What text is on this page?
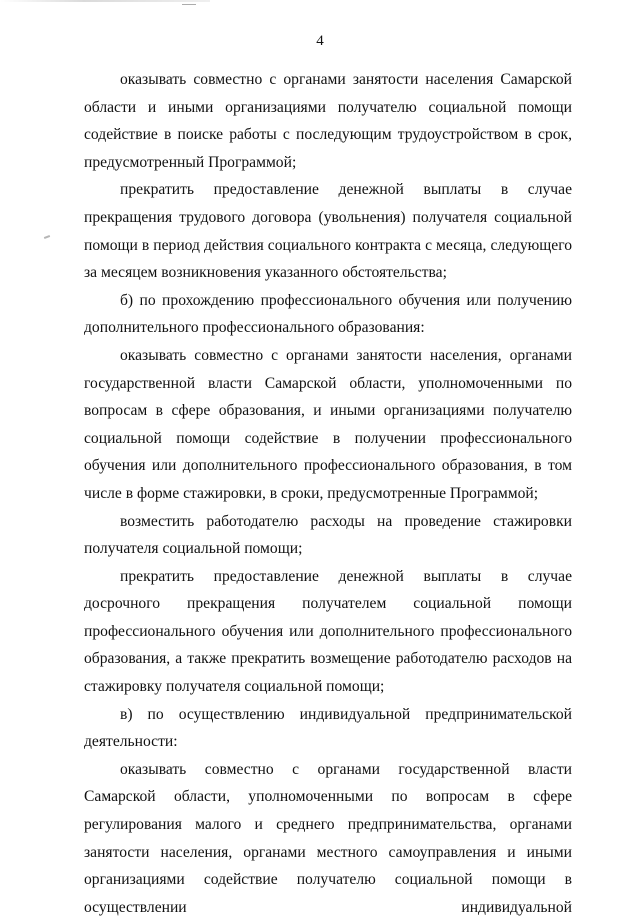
4

оказывать совместно с органами занятости населения Самарской области и иными организациями получателю социальной помощи содействие в поиске работы с последующим трудоустройством в срок, предусмотренный Программой;

прекратить предоставление денежной выплаты в случае прекращения трудового договора (увольнения) получателя социальной помощи в период действия социального контракта с месяца, следующего за месяцем возникновения указанного обстоятельства;

б) по прохождению профессионального обучения или получению дополнительного профессионального образования:

оказывать совместно с органами занятости населения, органами государственной власти Самарской области, уполномоченными по вопросам в сфере образования, и иными организациями получателю социальной помощи содействие в получении профессионального обучения или дополнительного профессионального образования, в том числе в форме стажировки, в сроки, предусмотренные Программой;

возместить работодателю расходы на проведение стажировки получателя социальной помощи;

прекратить предоставление денежной выплаты в случае досрочного прекращения получателем социальной помощи профессионального обучения или дополнительного профессионального образования, а также прекратить возмещение работодателю расходов на стажировку получателя социальной помощи;

в) по осуществлению индивидуальной предпринимательской деятельности:

оказывать совместно с органами государственной власти Самарской области, уполномоченными по вопросам в сфере регулирования малого и среднего предпринимательства, органами занятости населения, органами местного самоуправления и иными организациями содействие получателю социальной помощи в осуществлении индивидуальной
